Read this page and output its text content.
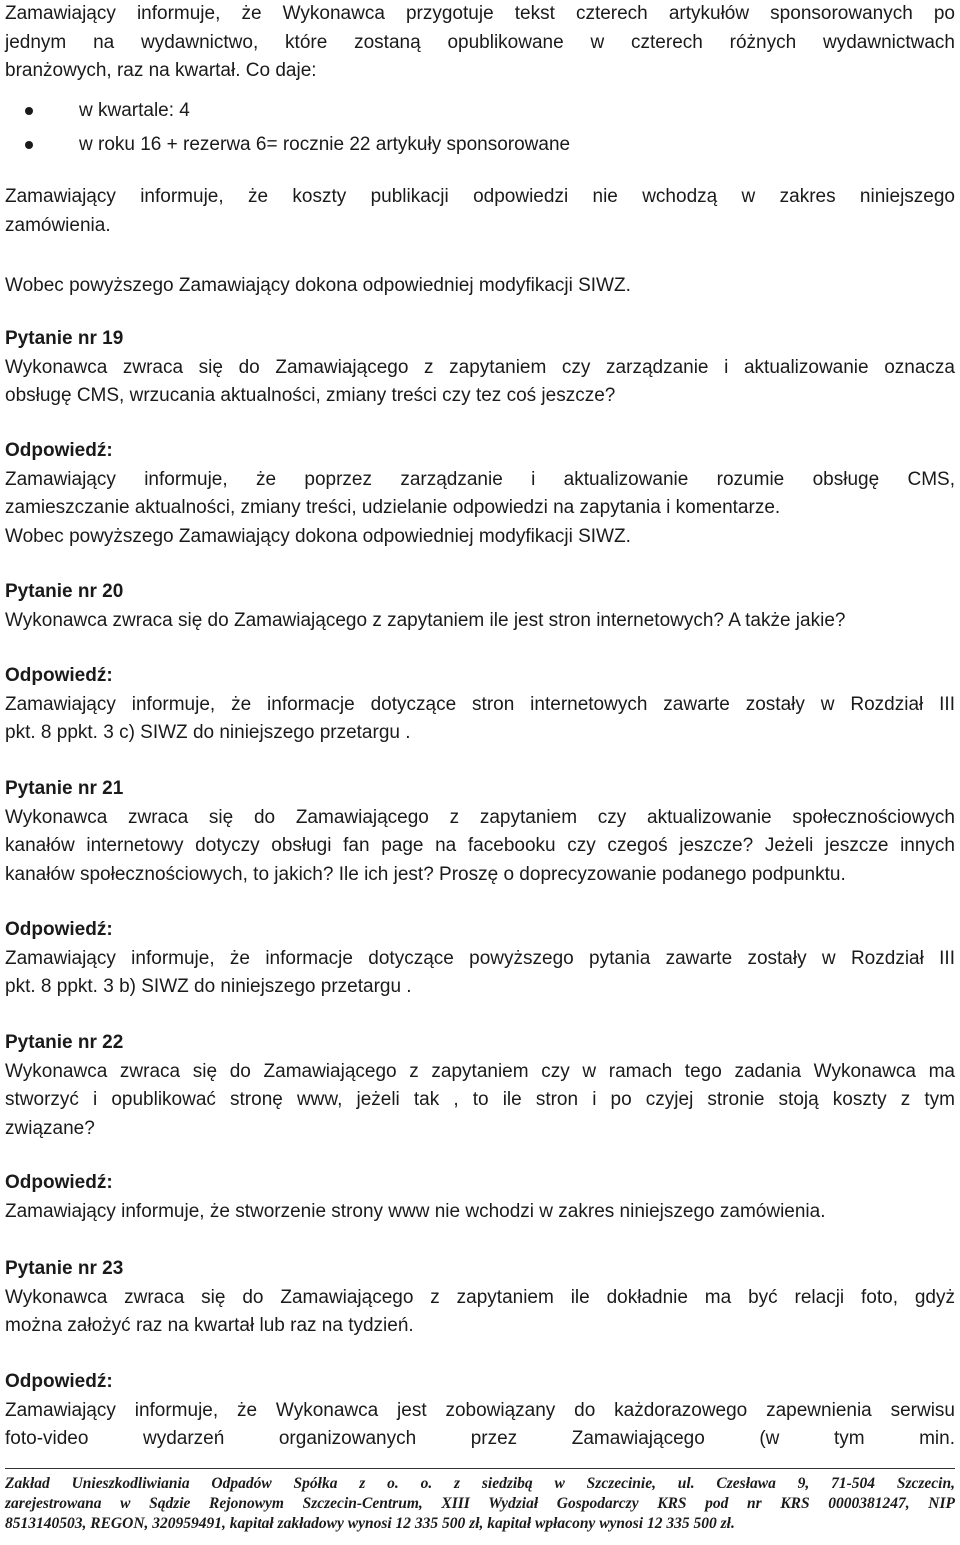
Zamawiający informuje, że Wykonawca przygotuje tekst czterech artykułów sponsorowanych po
jednym na wydawnictwo, które zostaną opublikowane w czterech różnych wydawnictwach
branżowych, raz na kwartał. Co daje:

w kwartale: 4
w roku 16 + rezerwa 6= rocznie 22 artykuły sponsorowane

Zamawiający informuje, że koszty publikacji odpowiedzi nie wchodzą w zakres niniejszego
zamówienia.

Wobec powyższego Zamawiający dokona odpowiedniej modyfikacji SIWZ.

Pytanie nr 19
Wykonawca zwraca się do Zamawiającego z zapytaniem czy zarządzanie i aktualizowanie oznacza
obsługę CMS, wrzucania aktualności, zmiany treści czy tez coś jeszcze?

Odpowiedź:
Zamawiający informuje, że poprzez zarządzanie i aktualizowanie rozumie obsługę CMS,
zamieszczanie aktualności, zmiany treści, udzielanie odpowiedzi na zapytania i komentarze.
Wobec powyższego Zamawiający dokona odpowiedniej modyfikacji SIWZ.

Pytanie nr 20
Wykonawca zwraca się do Zamawiającego z zapytaniem ile jest stron internetowych? A także jakie?

Odpowiedź:
Zamawiający informuje, że informacje dotyczące stron internetowych zawarte zostały w Rozdział III
pkt. 8 ppkt. 3 c) SIWZ do niniejszego przetargu .

Pytanie nr 21
Wykonawca zwraca się do Zamawiającego z zapytaniem czy aktualizowanie społecznościowych
kanałów internetowy dotyczy obsługi fan page na facebooku czy czegoś jeszcze? Jeżeli jeszcze innych
kanałów społecznościowych, to jakich? Ile ich jest? Proszę o doprecyzowanie podanego podpunktu.

Odpowiedź:
Zamawiający informuje, że informacje dotyczące powyższego pytania zawarte zostały w Rozdział III
pkt. 8 ppkt. 3 b) SIWZ do niniejszego przetargu .

Pytanie nr 22
Wykonawca zwraca się do Zamawiającego z zapytaniem czy w ramach tego zadania Wykonawca ma
stworzyć i opublikować stronę www, jeżeli tak , to ile stron i po czyjej stronie stoją koszty z tym
związane?

Odpowiedź:
Zamawiający informuje, że stworzenie strony www nie wchodzi w zakres niniejszego zamówienia.

Pytanie nr 23
Wykonawca zwraca się do Zamawiającego z zapytaniem ile dokładnie ma być relacji foto, gdyż
można założyć raz na kwartał lub raz na tydzień.

Odpowiedź:
Zamawiający informuje, że Wykonawca jest zobowiązany do każdorazowego zapewnienia serwisu
foto-video wydarzeń organizowanych przez Zamawiającego (w tym min.

Zakład Unieszkodliwiania Odpadów Spółka z o. o. z siedzibą w Szczecinie, ul. Czesława 9, 71-504 Szczecin,
zarejestrowana w Sądzie Rejonowym Szczecin-Centrum, XIII Wydział Gospodarczy KRS pod nr KRS 0000381247, NIP
8513140503, REGON, 320959491, kapitał zakładowy wynosi 12 335 500 zł, kapitał wpłacony wynosi 12 335 500 zł.
